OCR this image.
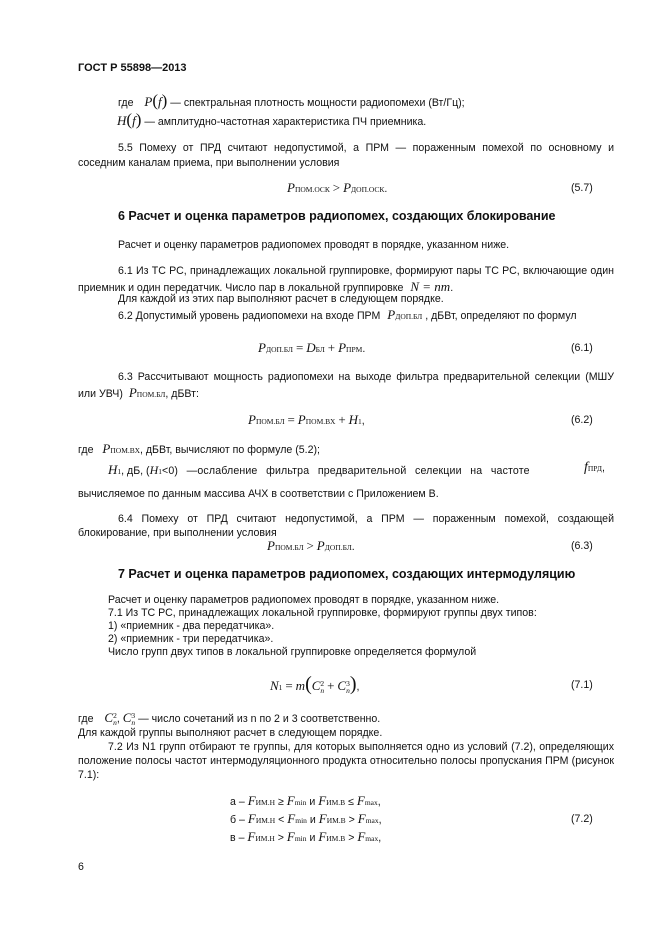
ГОСТ Р 55898—2013
где P(f) — спектральная плотность мощности радиопомехи (Вт/Гц);
H(f) — амплитудно-частотная характеристика ПЧ приемника.
5.5 Помеху от ПРД считают недопустимой, а ПРМ — пораженным помехой по основному и соседним каналам приема, при выполнении условия
PПОМ.ОСК > PДОП.ОСК.	(5.7)
6 Расчет и оценка параметров радиопомех, создающих блокирование
Расчет и оценку параметров радиопомех проводят в порядке, указанном ниже.
6.1 Из ТС РС, принадлежащих локальной группировке, формируют пары ТС РС, включающие один приемник и один передатчик. Число пар в локальной группировке N = nm.
Для каждой из этих пар выполняют расчет в следующем порядке.
6.2 Допустимый уровень радиопомехи на входе ПРМ PДОП.БЛ , дБВт, определяют по формул
PДОП.БЛ = DБЛ + PПРМ.	(6.1)
6.3 Рассчитывают мощность радиопомехи на выходе фильтра предварительной селекции (МШУ или УВЧ) PПОМ.БЛ, дБВт:
PПОМ.БЛ = PПОМ.ВХ + H1,	(6.2)
где PПОМ.ВХ, дБВт, вычисляют по формуле (5.2);
H1, дБ, (H1<0) —ослабление фильтра предварительной селекции на частоте	fПРД,
вычисляемое по данным массива АЧХ в соответствии с Приложением В.
6.4 Помеху от ПРД считают недопустимой, а ПРМ — пораженным помехой, создающей блокирование, при выполнении условия
PПОМ.БЛ > PДОП.БЛ.	(6.3)
7 Расчет и оценка параметров радиопомех, создающих интермодуляцию
Расчет и оценку параметров радиопомех проводят в порядке, указанном ниже.
7.1 Из ТС РС, принадлежащих локальной группировке, формируют группы двух типов:
1) «приемник - два передатчика».
2) «приемник - три передатчика».
Число групп двух типов в локальной группировке определяется формулой
N1 = m(C 2
n + C 3
n ),	(7.1)
где C 2
n , C 3
n — число сочетаний из n по 2 и 3 соответственно.
Для каждой группы выполняют расчет в следующем порядке.
7.2 Из N1 групп отбирают те группы, для которых выполняется одно из условий (7.2), определяющих положение полосы частот интермодуляционного продукта относительно полосы пропускания ПРМ (рисунок 7.1):
а – FИМ.Н ≥ Fmin и FИМ.В ≤ Fmax,
б – FИМ.Н < Fmin и FИМ.В > Fmax,
в – FИМ.Н > Fmin и FИМ.В > Fmax,
(7.2)
6
